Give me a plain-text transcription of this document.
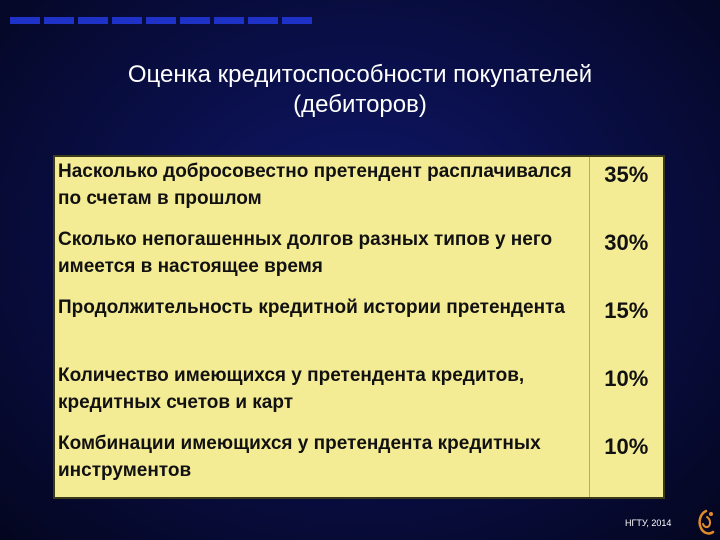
Оценка кредитоспособности покупателей
(дебиторов)
Насколько добросовестно претендент расплачивался по счетам в прошлом	35%
Сколько непогашенных долгов разных типов у него имеется в настоящее время	30%
Продолжительность кредитной истории претендента	15%
Количество имеющихся у претендента кредитов, кредитных счетов и карт	10%
Комбинации имеющихся у претендента кредитных инструментов	10%
НГТУ, 2014
